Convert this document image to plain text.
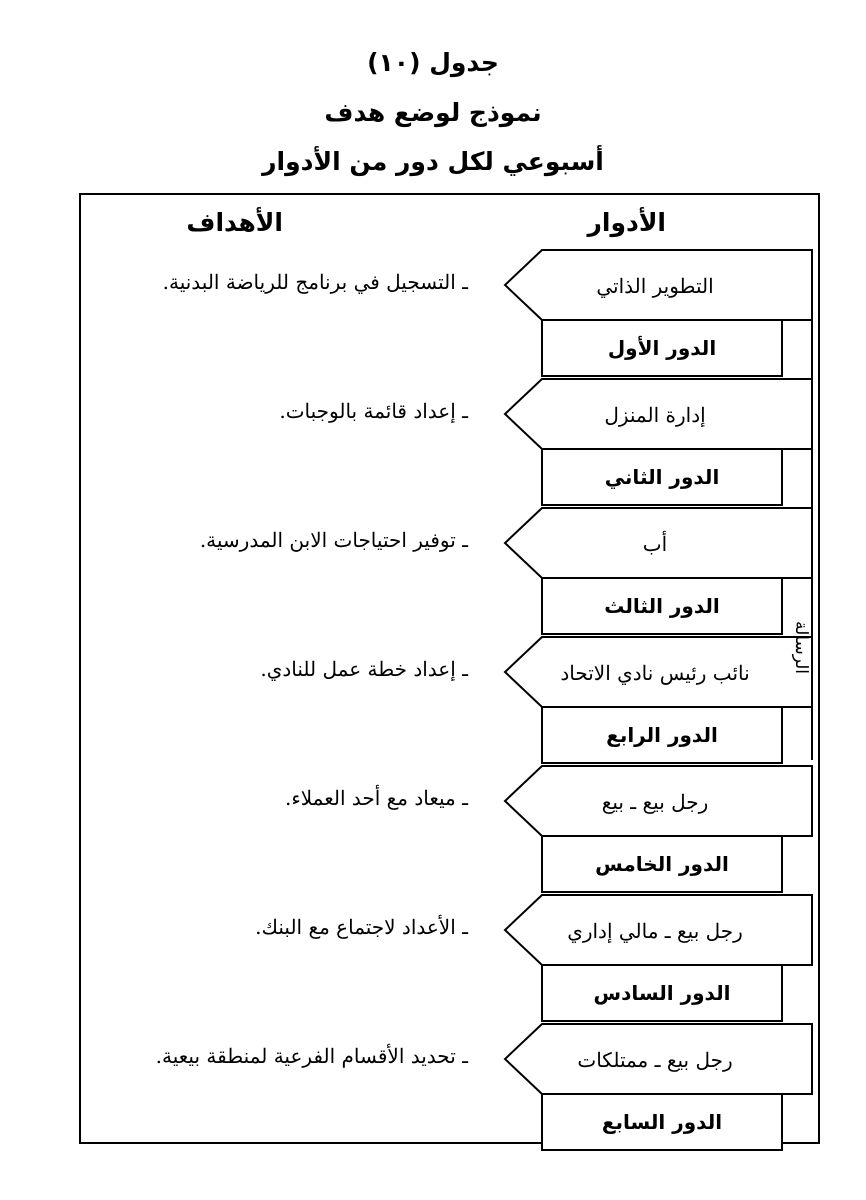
جدول (١٠)
نموذج لوضع هدف
أسبوعي لكل دور من الأدوار
الأدوار
الأهداف
الرسالة
التطوير الذاتي
الدور الأول
ـ التسجيل في برنامج للرياضة البدنية.
إدارة المنزل
الدور الثاني
ـ إعداد قائمة بالوجبات.
أب
الدور الثالث
ـ توفير احتياجات الابن المدرسية.
نائب رئيس نادي الاتحاد
الدور الرابع
ـ إعداد خطة عمل للنادي.
رجل بيع ـ بيع
الدور الخامس
ـ ميعاد مع أحد العملاء.
رجل بيع ـ مالي إداري
الدور السادس
ـ الأعداد لاجتماع مع البنك.
رجل بيع ـ ممتلكات
الدور السابع
ـ تحديد الأقسام الفرعية لمنطقة بيعية.
